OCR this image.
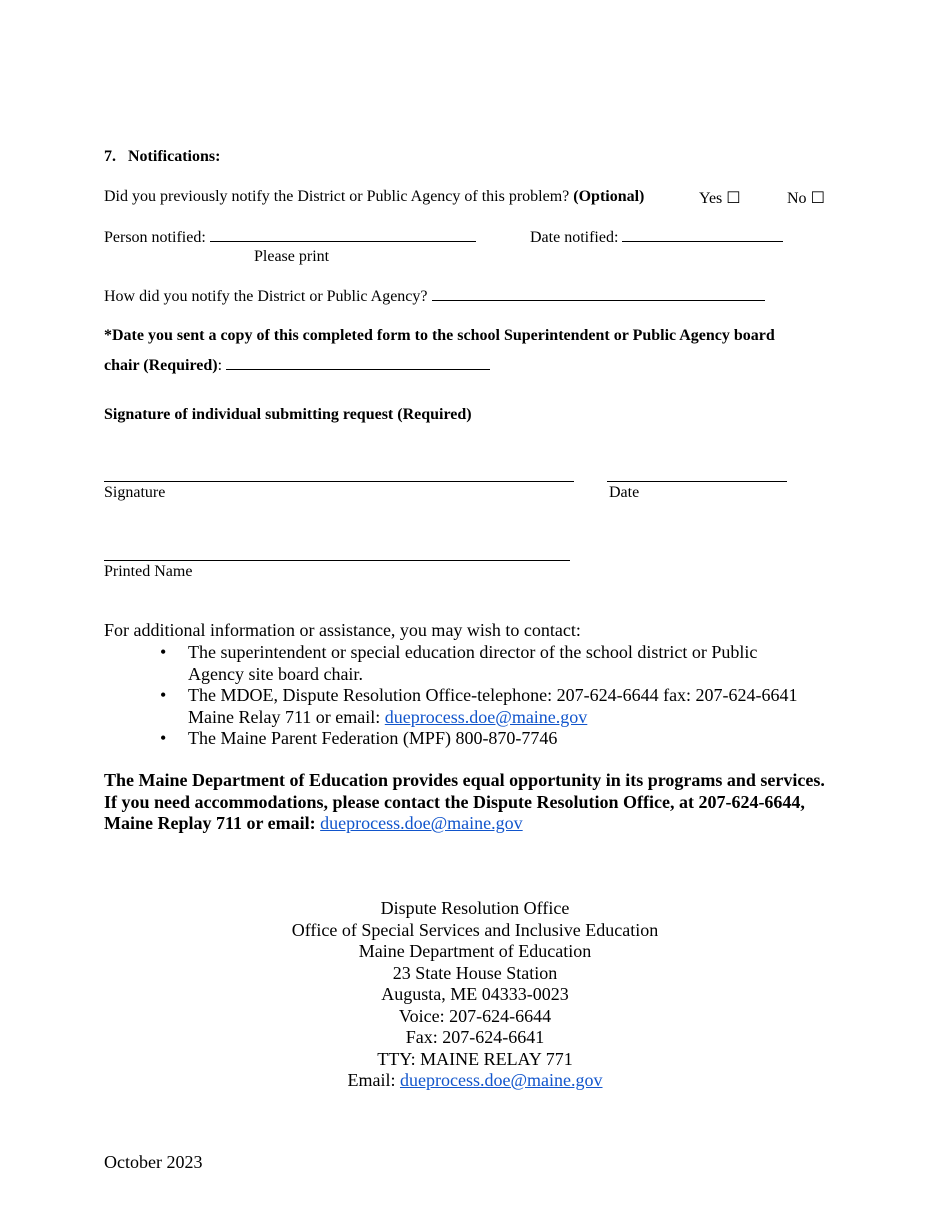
7. Notifications:
Did you previously notify the District or Public Agency of this problem? (Optional)	Yes ☐	No ☐
Person notified:
Please print
Date notified:
How did you notify the District or Public Agency?
*Date you sent a copy of this completed form to the school Superintendent or Public Agency board
chair (Required):
Signature of individual submitting request (Required)
Signature	Date
Printed Name
For additional information or assistance, you may wish to contact:
• The superintendent or special education director of the school district or Public Agency site board chair.
• The MDOE, Dispute Resolution Office-telephone: 207-624-6644 fax: 207-624-6641 Maine Relay 711 or email: dueprocess.doe@maine.gov
• The Maine Parent Federation (MPF) 800-870-7746
The Maine Department of Education provides equal opportunity in its programs and services. If you need accommodations, please contact the Dispute Resolution Office, at 207-624-6644, Maine Replay 711 or email: dueprocess.doe@maine.gov
Dispute Resolution Office
Office of Special Services and Inclusive Education
Maine Department of Education
23 State House Station
Augusta, ME 04333-0023
Voice: 207-624-6644
Fax: 207-624-6641
TTY: MAINE RELAY 771
Email: dueprocess.doe@maine.gov
October 2023
